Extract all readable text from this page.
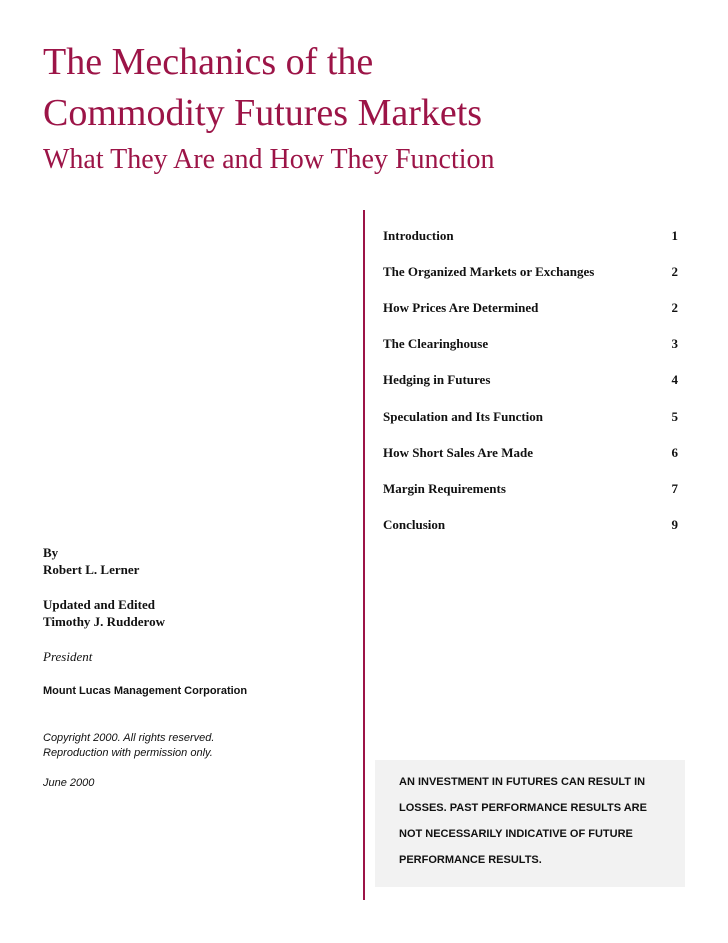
The Mechanics of the
Commodity Futures Markets
What They Are and How They Function
Introduction	1
The Organized Markets or Exchanges	2
How Prices Are Determined	2
The Clearinghouse	3
Hedging in Futures	4
Speculation and Its Function	5
How Short Sales Are Made	6
Margin Requirements	7
Conclusion	9
By
Robert L. Lerner
Updated and Edited
Timothy J. Rudderow
President
Mount Lucas Management Corporation
Copyright 2000. All rights reserved.
Reproduction with permission only.
June 2000	AN INVESTMENT IN FUTURES CAN RESULT IN
LOSSES. PAST PERFORMANCE RESULTS ARE
NOT NECESSARILY INDICATIVE OF FUTURE
PERFORMANCE RESULTS.
